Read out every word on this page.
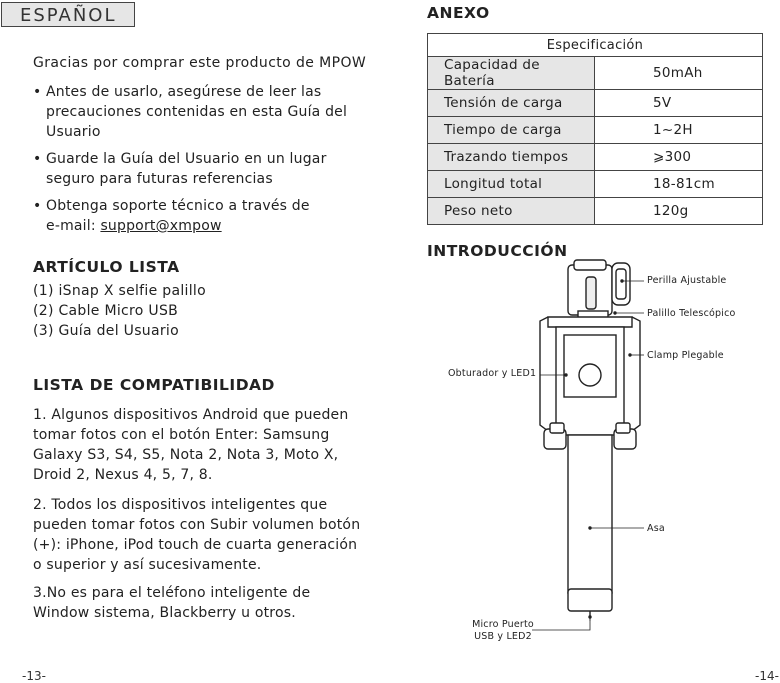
ESPAÑOL
Gracias por comprar este producto de MPOW
• Antes de usarlo, asegúrese de leer las precauciones contenidas en esta Guía del Usuario
• Guarde la Guía del Usuario en un lugar seguro para futuras referencias
• Obtenga soporte técnico a través de
e-mail: support@xmpow
ARTÍCULO LISTA
(1) iSnap X selfie palillo
(2) Cable Micro USB
(3) Guía del Usuario
LISTA DE COMPATIBILIDAD
1. Algunos dispositivos Android que pueden tomar fotos con el botón Enter: Samsung Galaxy S3, S4, S5, Nota 2, Nota 3, Moto X, Droid 2, Nexus 4, 5, 7, 8.
2. Todos los dispositivos inteligentes que pueden tomar fotos con Subir volumen botón (+): iPhone, iPod touch de cuarta generación o superior y así sucesivamente.
3.No es para el teléfono inteligente de Window sistema, Blackberry u otros.
-13-
ANEXO
Especificación	
Capacidad de Batería	50mAh
Tensión de carga	5V
Tiempo de carga	1~2H
Trazando tiempos	⩾300
Longitud total	18-81cm
Peso neto	120g
INTRODUCCIÓN
Perilla Ajustable
Palillo Telescópico
Clamp Plegable
Obturador y LED1
Asa
Micro Puerto
USB y LED2
-14-
